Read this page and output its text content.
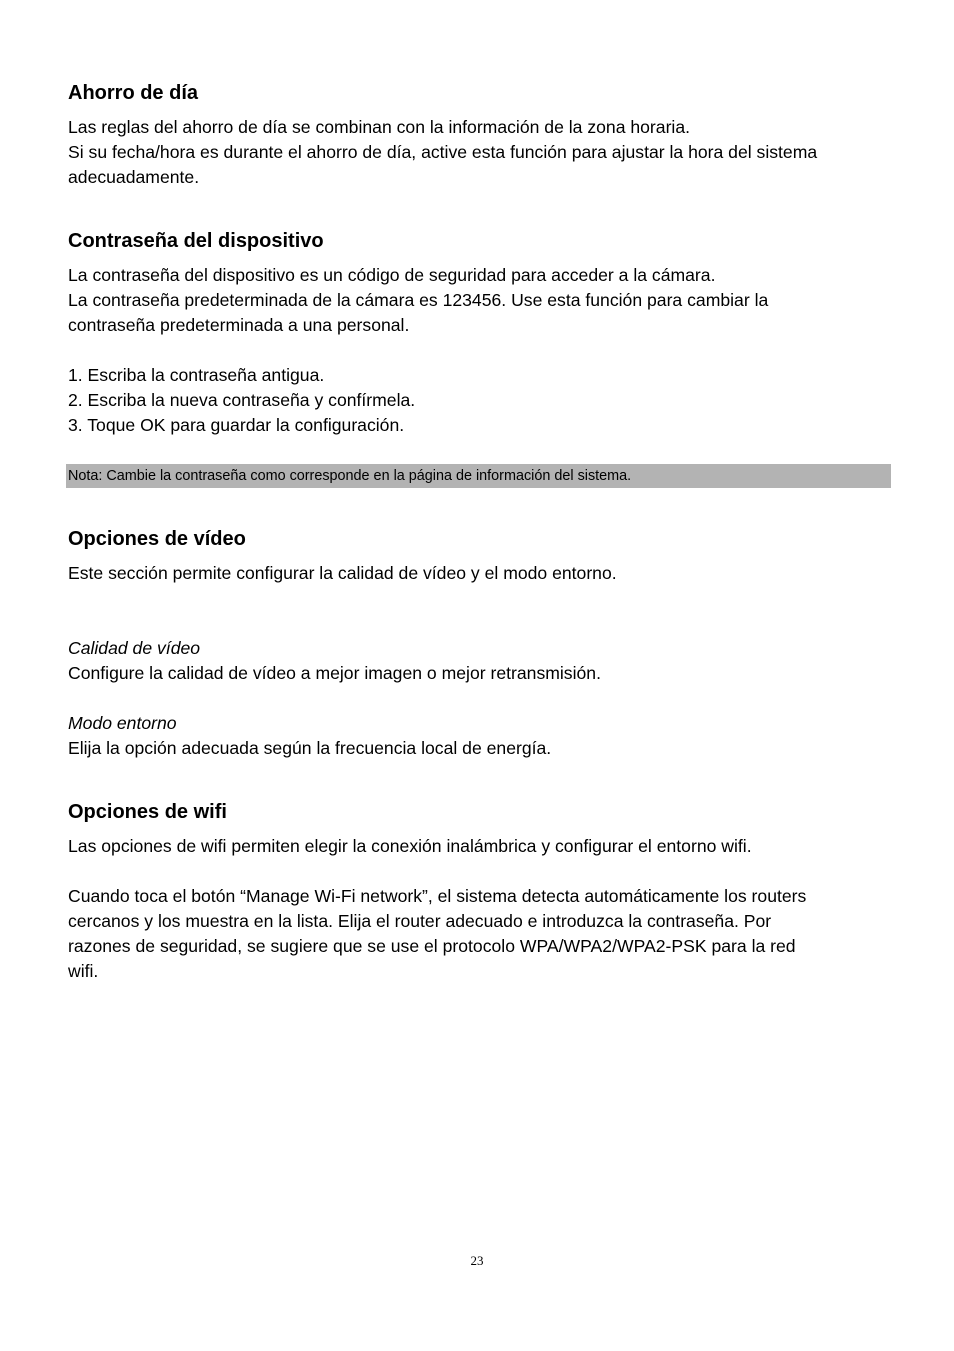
Ahorro de día
Las reglas del ahorro de día se combinan con la información de la zona horaria.
Si su fecha/hora es durante el ahorro de día, active esta función para ajustar la hora del sistema
adecuadamente.
Contraseña del dispositivo
La contraseña del dispositivo es un código de seguridad para acceder a la cámara.
La contraseña predeterminada de la cámara es 123456. Use esta función para cambiar la
contraseña predeterminada a una personal.
1. Escriba la contraseña antigua.
2. Escriba la nueva contraseña y confírmela.
3. Toque OK para guardar la configuración.
Nota: Cambie la contraseña como corresponde en la página de información del sistema.
Opciones de vídeo
Este sección permite configurar la calidad de vídeo y el modo entorno.
Calidad de vídeo
Configure la calidad de vídeo a mejor imagen o mejor retransmisión.
Modo entorno
Elija la opción adecuada según la frecuencia local de energía.
Opciones de wifi
Las opciones de wifi permiten elegir la conexión inalámbrica y configurar el entorno wifi.
Cuando toca el botón “Manage Wi-Fi network”, el sistema detecta automáticamente los routers
cercanos y los muestra en la lista. Elija el router adecuado e introduzca la contraseña. Por
razones de seguridad, se sugiere que se use el protocolo WPA/WPA2/WPA2-PSK para la red
wifi.
23
